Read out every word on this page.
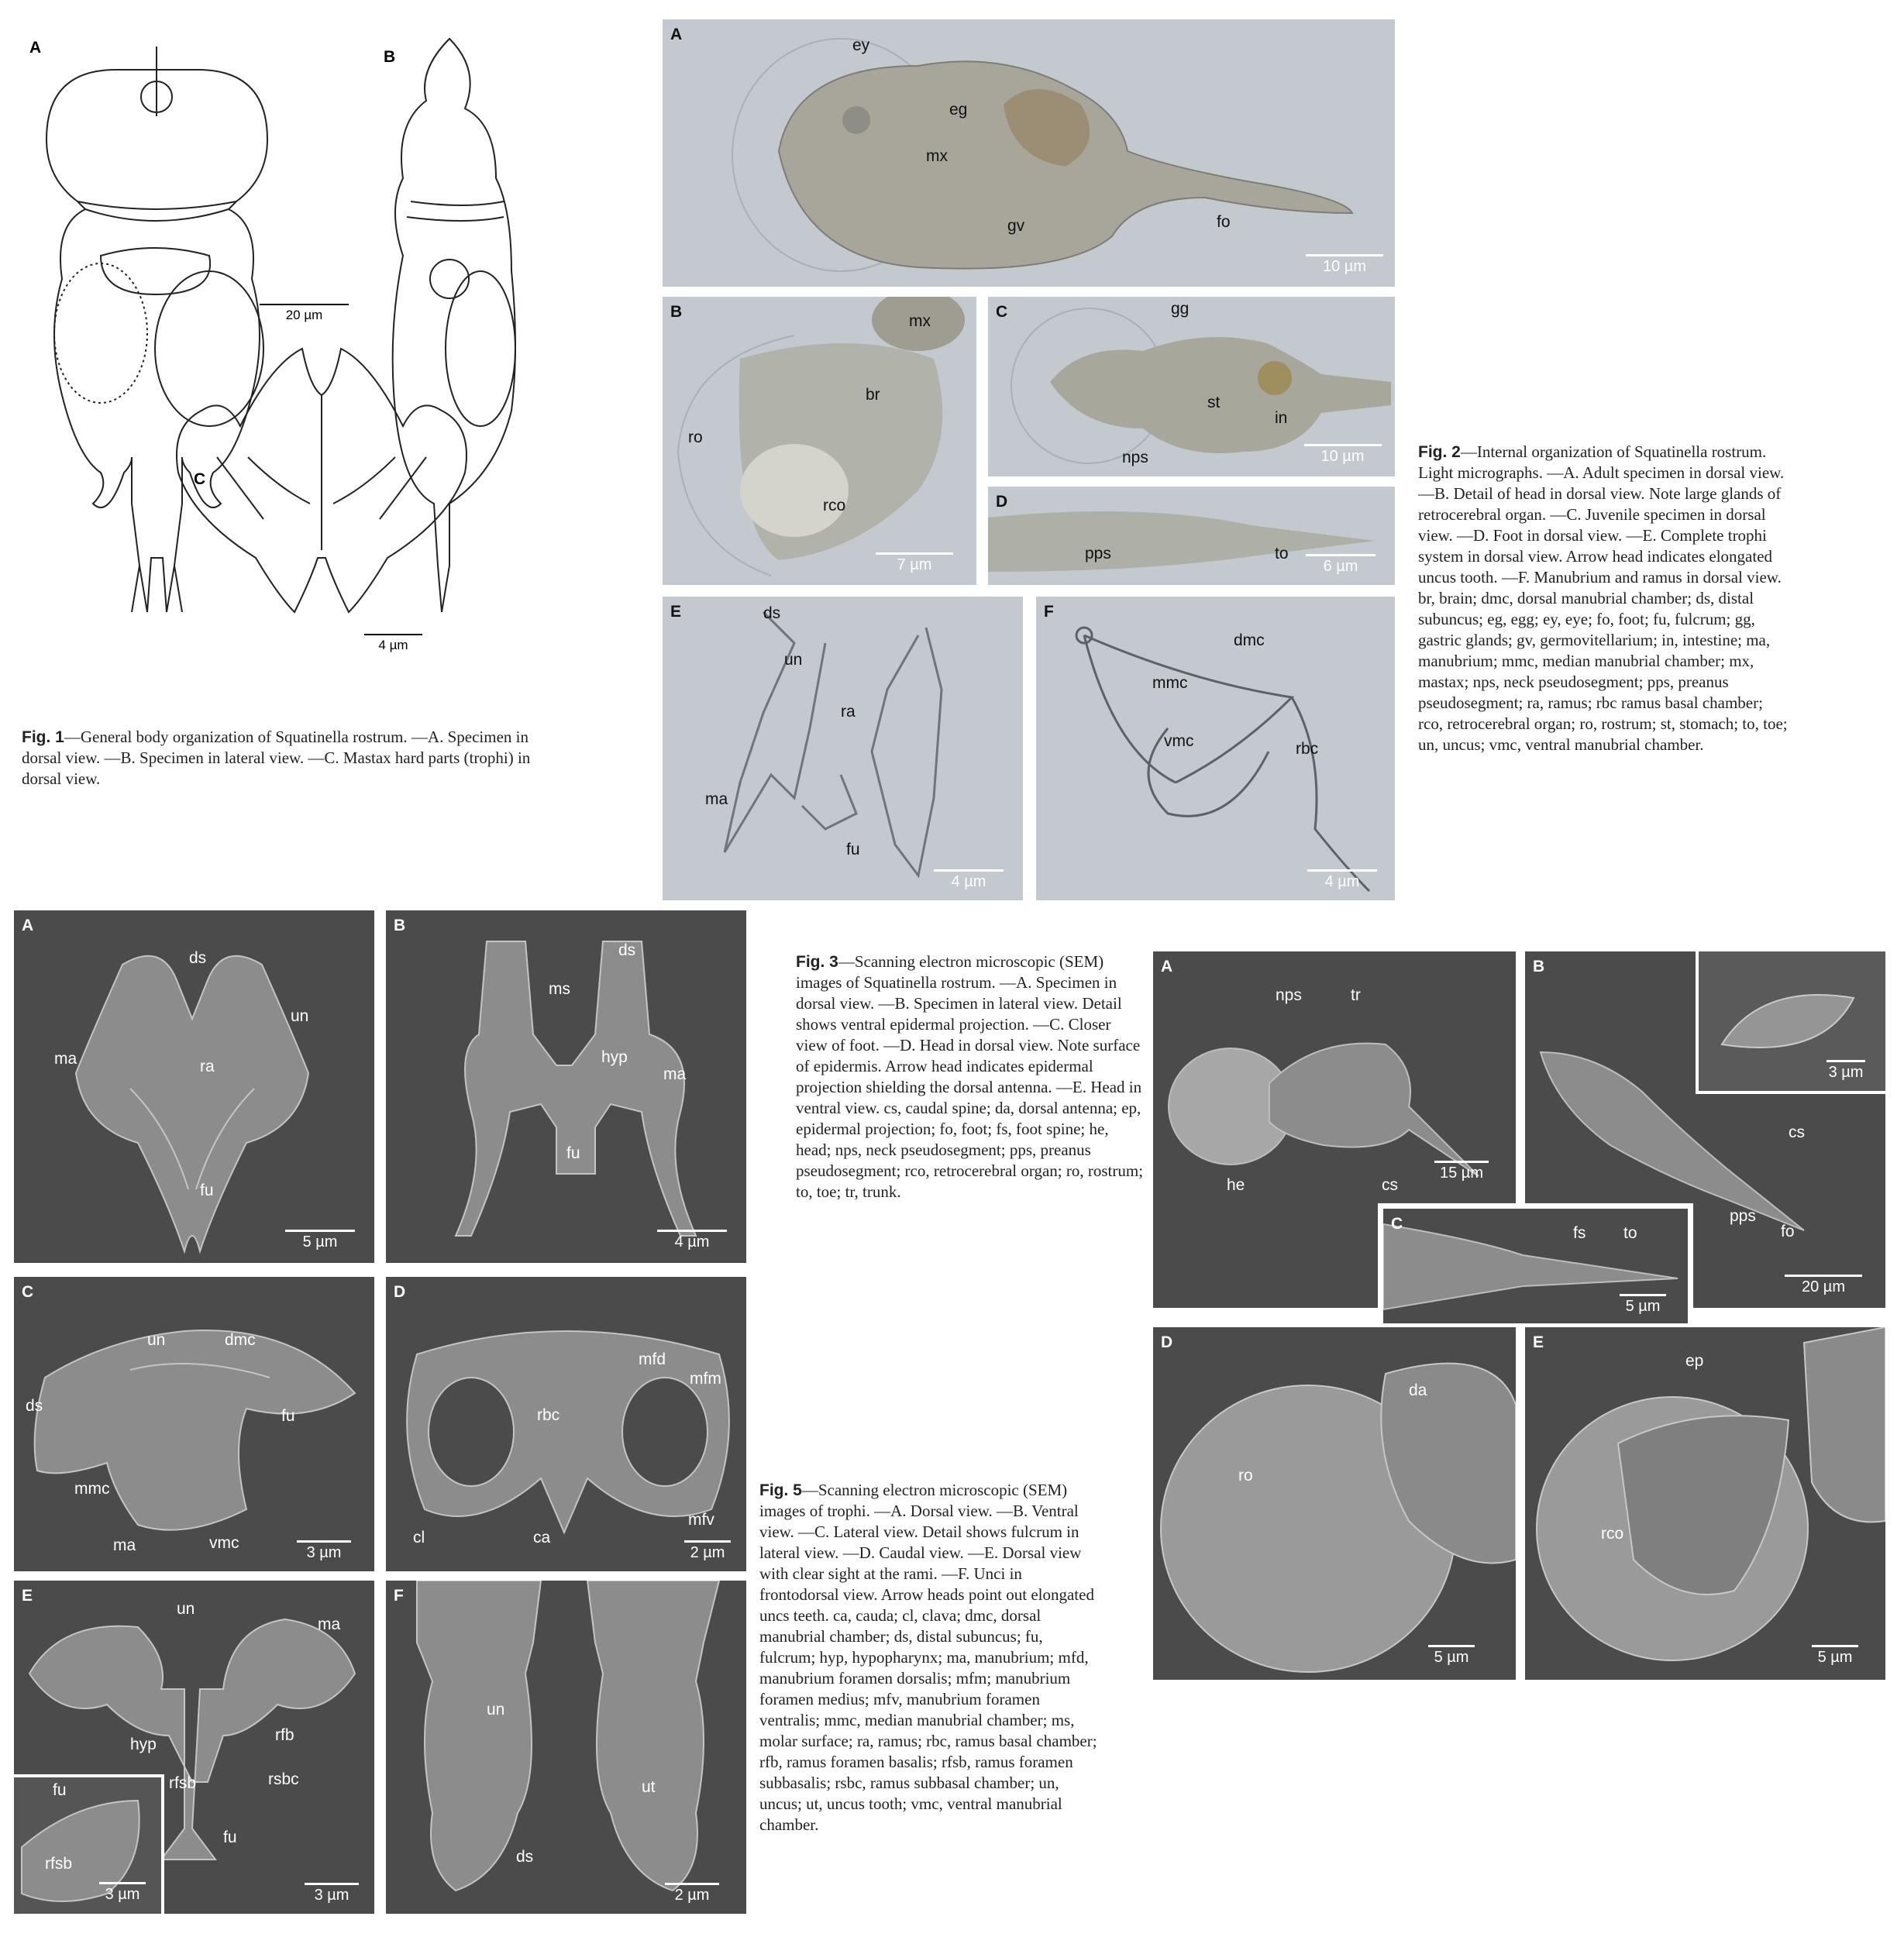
A
B
C
20 µm
4 µm
Fig. 1—General body organization of Squatinella rostrum. —A. Specimen in dorsal view. —B. Specimen in lateral view. —C. Mastax hard parts (trophi) in dorsal view.
A
ey
eg
mx
gv	fo
10 µm
B
mx
br
ro
rco
7 µm
C	gg
st
in
nps	10 µm
D
pps	to
6 µm
E	ds
un
ra
ma
fu
4 µm
F
dmc
mmc
vmc	rbc
4 µm
Fig. 2—Internal organization of Squatinella rostrum. Light micrographs. —A. Adult specimen in dorsal view. —B. Detail of head in dorsal view. Note large glands of retrocerebral organ. —C. Juvenile specimen in dorsal view. —D. Foot in dorsal view. —E. Complete trophi system in dorsal view. Arrow head indicates elongated uncus tooth. —F. Manubrium and ramus in dorsal view. br, brain; dmc, dorsal manubrial chamber; ds, distal subuncus; eg, egg; ey, eye; fo, foot; fu, fulcrum; gg, gastric glands; gv, germovitellarium; in, intestine; ma, manubrium; mmc, median manubrial chamber; mx, mastax; nps, neck pseudosegment; pps, preanus pseudosegment; ra, ramus; rbc ramus basal chamber; rco, retrocerebral organ; ro, rostrum; st, stomach; to, toe; un, uncus; vmc, ventral manubrial chamber.
A
ds
un
ma	ra
fu
5 µm
B
ds
ms
hyp
ma
fu
4 µm
C
un	dmc
ds
fu
mmc
ma	vmc
3 µm
D
mfd
mfm
rbc
cl	ca
mfv
2 µm
fu
rfsb
3 µm
E
un
ma
hyp
rfb
rfsb	rsbc
fu
3 µm
F
un
ut
ds
2 µm
Fig. 5—Scanning electron microscopic (SEM) images of trophi. —A. Dorsal view. —B. Ventral view. —C. Lateral view. Detail shows fulcrum in lateral view. —D. Caudal view. —E. Dorsal view with clear sight at the rami. —F. Unci in frontodorsal view. Arrow heads point out elongated uncs teeth. ca, cauda; cl, clava; dmc, dorsal manubrial chamber; ds, distal subuncus; fu, fulcrum; hyp, hypopharynx; ma, manubrium; mfd, manubrium foramen dorsalis; mfm; manubrium foramen medius; mfv, manubrium foramen ventralis; mmc, median manubrial chamber; ms, molar surface; ra, ramus; rbc, ramus basal chamber; rfb, ramus foramen basalis; rfsb, ramus foramen subbasalis; rsbc, ramus subbasal chamber; un, uncus; ut, uncus tooth; vmc, ventral manubrial chamber.
Fig. 3—Scanning electron microscopic (SEM) images of Squatinella rostrum. —A. Specimen in dorsal view. —B. Specimen in lateral view. Detail shows ventral epidermal projection. —C. Closer view of foot. —D. Head in dorsal view. Note surface of epidermis. Arrow head indicates epidermal projection shielding the dorsal antenna. —E. Head in ventral view. cs, caudal spine; da, dorsal antenna; ep, epidermal projection; fo, foot; fs, foot spine; he, head; nps, neck pseudosegment; pps, preanus pseudosegment; rco, retrocerebral organ; ro, rostrum; to, toe; tr, trunk.
A
nps	tr
he	cs
15 µm
3 µm
B
cs
pps
fo
20 µm
C
fs to
5 µm
D
da
ro
5 µm
E
ep
rco
5 µm
